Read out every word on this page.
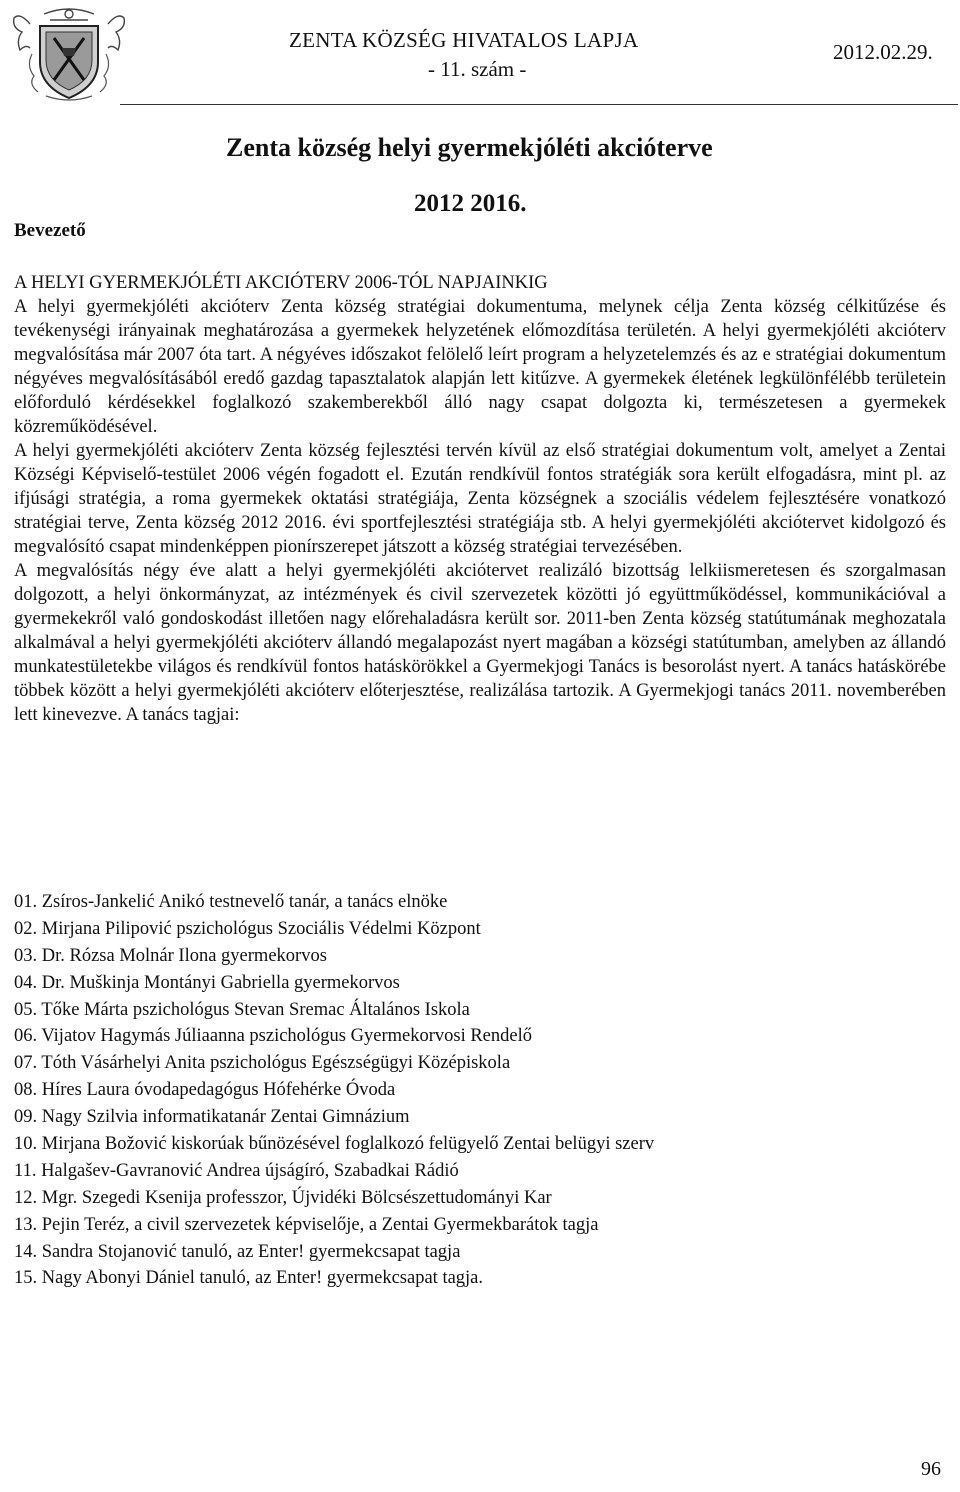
ZENTA KÖZSÉG HIVATALOS LAPJA
- 11. szám -
2012.02.29.
Zenta község helyi gyermekjóléti akcióterve
2012 2016.
Bevezető
A HELYI GYERMEKJÓLÉTI AKCIÓTERV 2006-TÓL NAPJAINKIG

A helyi gyermekjóléti akcióterv Zenta község stratégiai dokumentuma, melynek célja Zenta község célkitűzése és tevékenységi irányainak meghatározása a gyermekek helyzetének előmozdítása területén. A helyi gyermekjóléti akcióterv megvalósítása már 2007 óta tart. A négyéves időszakot felölelő leírt program a helyzetelemzés és az e stratégiai dokumentum négyéves megvalósításából eredő gazdag tapasztalatok alapján lett kitűzve. A gyermekek életének legkülönfélébb területein előforduló kérdésekkel foglalkozó szakemberekből álló nagy csapat dolgozta ki, természetesen a gyermekek közreműködésével.

A helyi gyermekjóléti akcióterv Zenta község fejlesztési tervén kívül az első stratégiai dokumentum volt, amelyet a Zentai Községi Képviselő-testület 2006 végén fogadott el. Ezután rendkívül fontos stratégiák sora került elfogadásra, mint pl. az ifjúsági stratégia, a roma gyermekek oktatási stratégiája, Zenta községnek a szociális védelem fejlesztésére vonatkozó stratégiai terve, Zenta község 2012 2016. évi sportfejlesztési stratégiája stb. A helyi gyermekjóléti akciótervet kidolgozó és megvalósító csapat mindenképpen pionírszerepet játszott a község stratégiai tervezésében.

A megvalósítás négy éve alatt a helyi gyermekjóléti akciótervet realizáló bizottság lelkiismeretesen és szorgalmasan dolgozott, a helyi önkormányzat, az intézmények és civil szervezetek közötti jó együttműködéssel, kommunikációval a gyermekekről való gondoskodást illetően nagy előrehaladásra került sor. 2011-ben Zenta község statútumának meghozatala alkalmával a helyi gyermekjóléti akcióterv állandó megalapozást nyert magában a községi statútumban, amelyben az állandó munkatestületekbe világos és rendkívül fontos hatáskörökkel a Gyermekjogi Tanács is besorolást nyert. A tanács hatáskörébe többek között a helyi gyermekjóléti akcióterv előterjesztése, realizálása tartozik. A Gyermekjogi tanács 2011. novemberében lett kinevezve. A tanács tagjai:

01. Zsíros-Jankelić Anikó testnevelő tanár, a tanács elnöke
02. Mirjana Pilipović pszichológus Szociális Védelmi Központ
03. Dr. Rózsa Molnár Ilona gyermekorvos
04. Dr. Muškinja Montányi Gabriella gyermekorvos
05. Tőke Márta pszichológus Stevan Sremac Általános Iskola
06. Vijatov Hagymás Júliaanna pszichológus Gyermekorvosi Rendelő
07. Tóth Vásárhelyi Anita pszichológus Egészségügyi Középiskola
08. Híres Laura óvodapedagógus Hófehérke Óvoda
09. Nagy Szilvia informatikatanár Zentai Gimnázium
10. Mirjana Božović kiskorúak bűnözésével foglalkozó felügyelő Zentai belügyi szerv
11. Halgašev-Gavranović Andrea újságíró, Szabadkai Rádió
12. Mgr. Szegedi Ksenija professzor, Újvidéki Bölcsészettudományi Kar
13. Pejin Teréz, a civil szervezetek képviselője, a Zentai Gyermekbarátok tagja
14. Sandra Stojanović tanuló, az Enter! gyermekcsapat tagja
15. Nagy Abonyi Dániel tanuló, az Enter! gyermekcsapat tagja.
96
